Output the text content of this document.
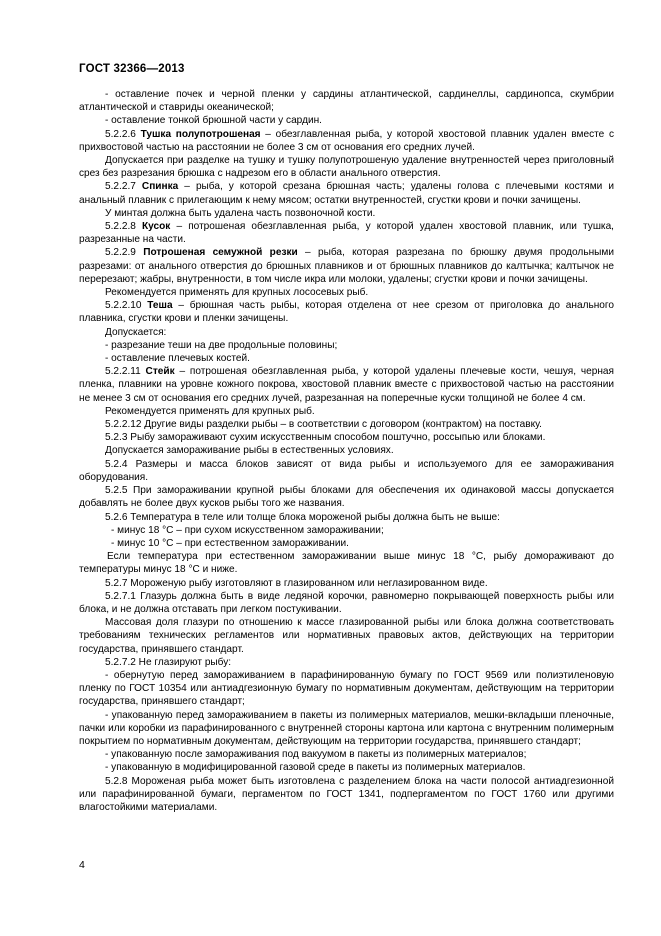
ГОСТ 32366—2013

- оставление почек и черной пленки у сардины атлантической, сардинеллы, сардинопса, скумбрии атлантической и ставриды океанической;

- оставление тонкой брюшной части у сардин.

5.2.2.6 Тушка полупотрошеная – обезглавленная рыба, у которой хвостовой плавник удален вместе с прихвостовой частью на расстоянии не более 3 см от основания его средних лучей.

Допускается при разделке на тушку и тушку полупотрошеную удаление внутренностей через приголовный срез без разрезания брюшка с надрезом его в области анального отверстия.

5.2.2.7 Спинка – рыба, у которой срезана брюшная часть; удалены голова с плечевыми костями и анальный плавник с прилегающим к нему мясом; остатки внутренностей, сгустки крови и почки зачищены.

У минтая должна быть удалена часть позвоночной кости.

5.2.2.8 Кусок – потрошеная обезглавленная рыба, у которой удален хвостовой плавник, или тушка, разрезанные на части.

5.2.2.9 Потрошеная семужной резки – рыба, которая разрезана по брюшку двумя продольными разрезами: от анального отверстия до брюшных плавников и от брюшных плавников до калтычка; калтычок не перерезают; жабры, внутренности, в том числе икра или молоки, удалены; сгустки крови и почки зачищены.

Рекомендуется применять для крупных лососевых рыб.

5.2.2.10 Теша – брюшная часть рыбы, которая отделена от нее срезом от приголовка до анального плавника, сгустки крови и пленки зачищены.

Допускается:

- разрезание теши на две продольные половины;

- оставление плечевых костей.

5.2.2.11 Стейк – потрошеная обезглавленная рыба, у которой удалены плечевые кости, чешуя, черная пленка, плавники на уровне кожного покрова, хвостовой плавник вместе с прихвостовой частью на расстоянии не менее 3 см от основания его средних лучей, разрезанная на поперечные куски толщиной не более 4 см.

Рекомендуется применять для крупных рыб.

5.2.2.12 Другие виды разделки рыбы – в соответствии с договором (контрактом) на поставку.

5.2.3 Рыбу замораживают сухим искусственным способом поштучно, россыпью или блоками.

Допускается замораживание рыбы в естественных условиях.

5.2.4 Размеры и масса блоков зависят от вида рыбы и используемого для ее замораживания оборудования.

5.2.5 При замораживании крупной рыбы блоками для обеспечения их одинаковой массы допускается добавлять не более двух кусков рыбы того же названия.

5.2.6 Температура в теле или толще блока мороженой рыбы должна быть не выше:

- минус 18 °С – при сухом искусственном замораживании;

- минус 10 °С – при естественном замораживании.

Если температура при естественном замораживании выше минус 18 °С, рыбу домораживают до температуры минус 18 °С и ниже.

5.2.7 Мороженую рыбу изготовляют в глазированном или неглазированном виде.

5.2.7.1 Глазурь должна быть в виде ледяной корочки, равномерно покрывающей поверхность рыбы или блока, и не должна отставать при легком постукивании.

Массовая доля глазури по отношению к массе глазированной рыбы или блока должна соответствовать требованиям технических регламентов или нормативных правовых актов, действующих на территории государства, принявшего стандарт.

5.2.7.2 Не глазируют рыбу:

- обернутую перед замораживанием в парафинированную бумагу по ГОСТ 9569 или полиэтиленовую пленку по ГОСТ 10354 или антиадгезионную бумагу по нормативным документам, действующим на территории государства, принявшего стандарт;

- упакованную перед замораживанием в пакеты из полимерных материалов, мешки-вкладыши пленочные, пачки или коробки из парафинированного с внутренней стороны картона или картона с внутренним полимерным покрытием по нормативным документам, действующим на территории государства, принявшего стандарт;

- упакованную после замораживания под вакуумом в пакеты из полимерных материалов;

- упакованную в модифицированной газовой среде в пакеты из полимерных материалов.

5.2.8 Мороженая рыба может быть изготовлена с разделением блока на части полосой антиадгезионной или парафинированной бумаги, пергаментом по ГОСТ 1341, подпергаментом по ГОСТ 1760 или другими влагостойкими материалами.

4
